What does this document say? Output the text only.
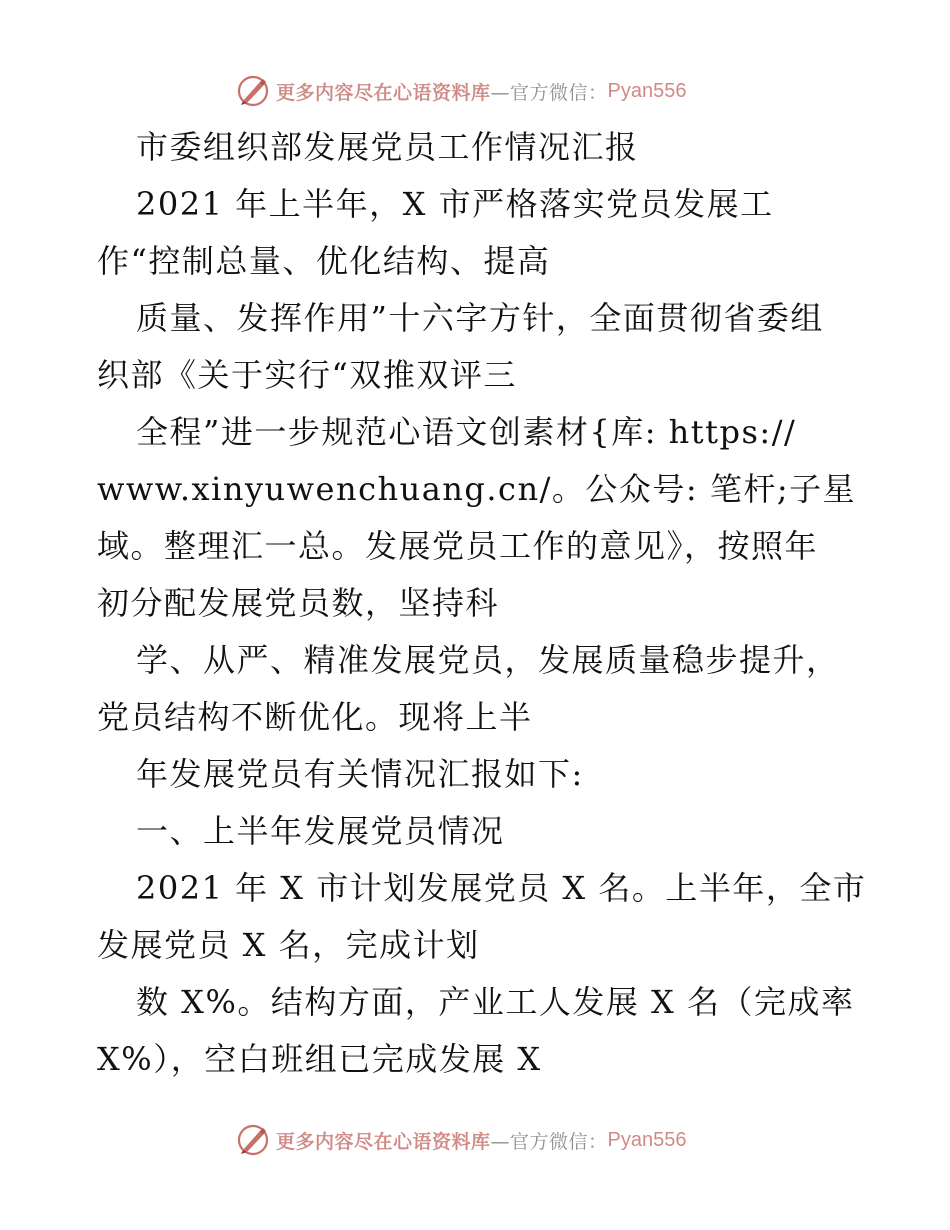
更多内容尽在心语资料库 —官方微信： Pyan556
市委组织部发展党员工作情况汇报
2021 年上半年，X 市严格落实党员发展工
作“控制总量、优化结构、提高
质量、发挥作用”十六字方针，全面贯彻省委组
织部《关于实行“双推双评三
全程”进一步规范心语文创素材{库: https://
www.xinyuwenchuang.cn/。公众号: 笔杆;子星
域。整理汇一总。发展党员工作的意见》，按照年
初分配发展党员数，坚持科
学、从严、精准发展党员，发展质量稳步提升，
党员结构不断优化。现将上半
年发展党员有关情况汇报如下:
一、上半年发展党员情况
2021 年 X 市计划发展党员 X 名。上半年，全市
发展党员 X 名，完成计划
数 X%。结构方面，产业工人发展 X 名（完成率
X%），空白班组已完成发展 X
更多内容尽在心语资料库 —官方微信： Pyan556
